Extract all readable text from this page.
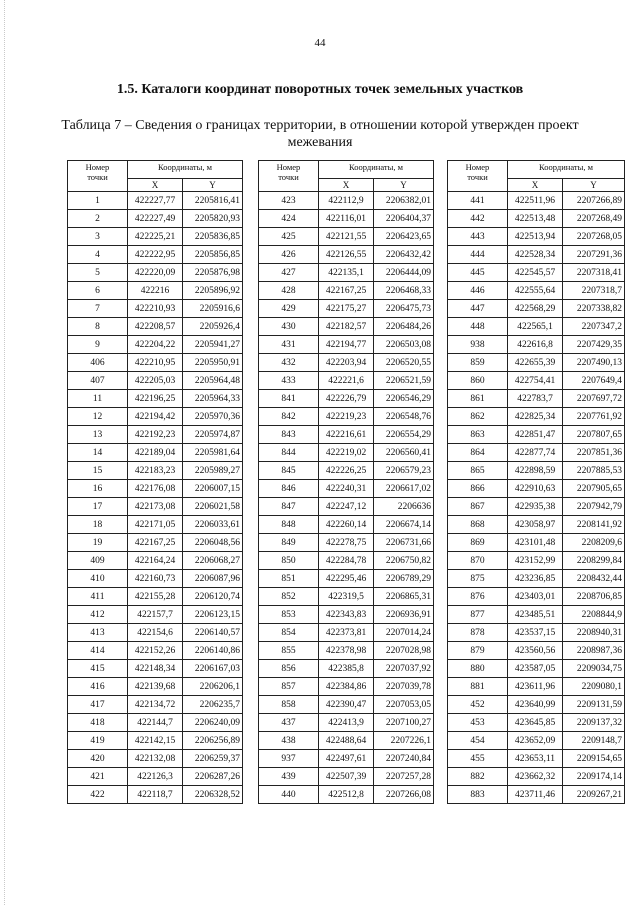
44
1.5. Каталоги координат поворотных точек земельных участков
Таблица 7 – Сведения о границах территории, в отношении которой утвержден проект
межевания
Номер
точки	Координаты, м	
	X	Y
1	422227,77	2205816,41
2	422227,49	2205820,93
3	422225,21	2205836,85
4	422222,95	2205856,85
5	422220,09	2205876,98
6	422216	2205896,92
7	422210,93	2205916,6
8	422208,57	2205926,4
9	422204,22	2205941,27
406	422210,95	2205950,91
407	422205,03	2205964,48
11	422196,25	2205964,33
12	422194,42	2205970,36
13	422192,23	2205974,87
14	422189,04	2205981,64
15	422183,23	2205989,27
16	422176,08	2206007,15
17	422173,08	2206021,58
18	422171,05	2206033,61
19	422167,25	2206048,56
409	422164,24	2206068,27
410	422160,73	2206087,96
411	422155,28	2206120,74
412	422157,7	2206123,15
413	422154,6	2206140,57
414	422152,26	2206140,86
415	422148,34	2206167,03
416	422139,68	2206206,1
417	422134,72	2206235,7
418	422144,7	2206240,09
419	422142,15	2206256,89
420	422132,08	2206259,37
421	422126,3	2206287,26
422	422118,7	2206328,52
Номер
точки	Координаты, м	
	X	Y
423	422112,9	2206382,01
424	422116,01	2206404,37
425	422121,55	2206423,65
426	422126,55	2206432,42
427	422135,1	2206444,09
428	422167,25	2206468,33
429	422175,27	2206475,73
430	422182,57	2206484,26
431	422194,77	2206503,08
432	422203,94	2206520,55
433	422221,6	2206521,59
841	422226,79	2206546,29
842	422219,23	2206548,76
843	422216,61	2206554,29
844	422219,02	2206560,41
845	422226,25	2206579,23
846	422240,31	2206617,02
847	422247,12	2206636
848	422260,14	2206674,14
849	422278,75	2206731,66
850	422284,78	2206750,82
851	422295,46	2206789,29
852	422319,5	2206865,31
853	422343,83	2206936,91
854	422373,81	2207014,24
855	422378,98	2207028,98
856	422385,8	2207037,92
857	422384,86	2207039,78
858	422390,47	2207053,05
437	422413,9	2207100,27
438	422488,64	2207226,1
937	422497,61	2207240,84
439	422507,39	2207257,28
440	422512,8	2207266,08
Номер
точки	Координаты, м	
	X	Y
441	422511,96	2207266,89
442	422513,48	2207268,49
443	422513,94	2207268,05
444	422528,34	2207291,36
445	422545,57	2207318,41
446	422555,64	2207318,7
447	422568,29	2207338,82
448	422565,1	2207347,2
938	422616,8	2207429,35
859	422655,39	2207490,13
860	422754,41	2207649,4
861	422783,7	2207697,72
862	422825,34	2207761,92
863	422851,47	2207807,65
864	422877,74	2207851,36
865	422898,59	2207885,53
866	422910,63	2207905,65
867	422935,38	2207942,79
868	423058,97	2208141,92
869	423101,48	2208209,6
870	423152,99	2208299,84
875	423236,85	2208432,44
876	423403,01	2208706,85
877	423485,51	2208844,9
878	423537,15	2208940,31
879	423560,56	2208987,36
880	423587,05	2209034,75
881	423611,96	2209080,1
452	423640,99	2209131,59
453	423645,85	2209137,32
454	423652,09	2209148,7
455	423653,11	2209154,65
882	423662,32	2209174,14
883	423711,46	2209267,21
